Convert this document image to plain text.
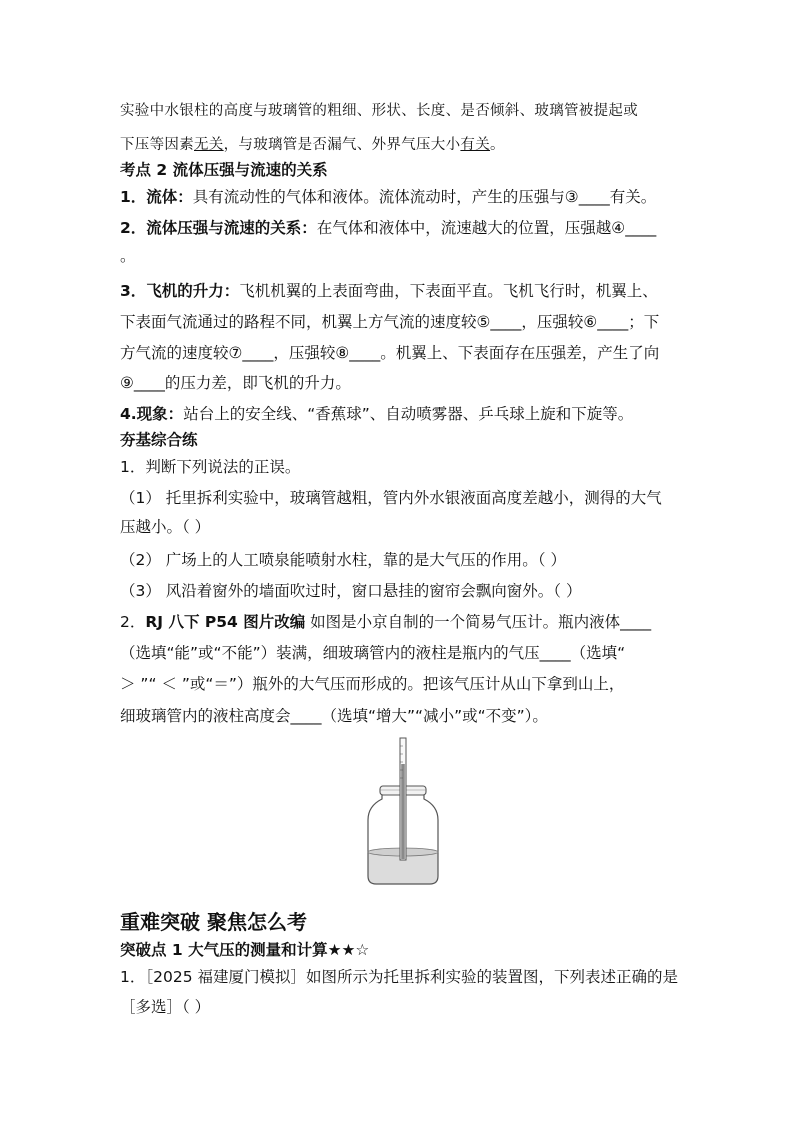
实验中水银柱的高度与玻璃管的粗细、形状、长度、是否倾斜、玻璃管被提起或
下压等因素无关，与玻璃管是否漏气、外界气压大小有关。
考点 2 流体压强与流速的关系
1．流体：具有流动性的气体和液体。流体流动时，产生的压强与③____有关。
2．流体压强与流速的关系：在气体和液体中，流速越大的位置，压强越④____
。
3．飞机的升力：飞机机翼的上表面弯曲，下表面平直。飞机飞行时，机翼上、
下表面气流通过的路程不同，机翼上方气流的速度较⑤____，压强较⑥____；下
方气流的速度较⑦____，压强较⑧____。机翼上、下表面存在压强差，产生了向
⑨____的压力差，即飞机的升力。
4.现象：站台上的安全线、“香蕉球”、自动喷雾器、乒乓球上旋和下旋等。
夯基综合练
1．判断下列说法的正误。
（1） 托里拆利实验中，玻璃管越粗，管内外水银液面高度差越小，测得的大气
压越小。（ ）
（2） 广场上的人工喷泉能喷射水柱，靠的是大气压的作用。（ ）
（3） 风沿着窗外的墙面吹过时，窗口悬挂的窗帘会飘向窗外。（ ）
2．RJ 八下 P54 图片改编 如图是小京自制的一个简易气压计。瓶内液体____
（选填“能”或“不能”）装满，细玻璃管内的液柱是瓶内的气压____（选填“
＞ ”“ ＜ ”或“＝”）瓶外的大气压而形成的。把该气压计从山下拿到山上，
细玻璃管内的液柱高度会____（选填“增大”“减小”或“不变”）。
重难突破 聚焦怎么考
突破点 1 大气压的测量和计算★★☆
1．［2025 福建厦门模拟］如图所示为托里拆利实验的装置图，下列表述正确的是
［多选］（ ）
